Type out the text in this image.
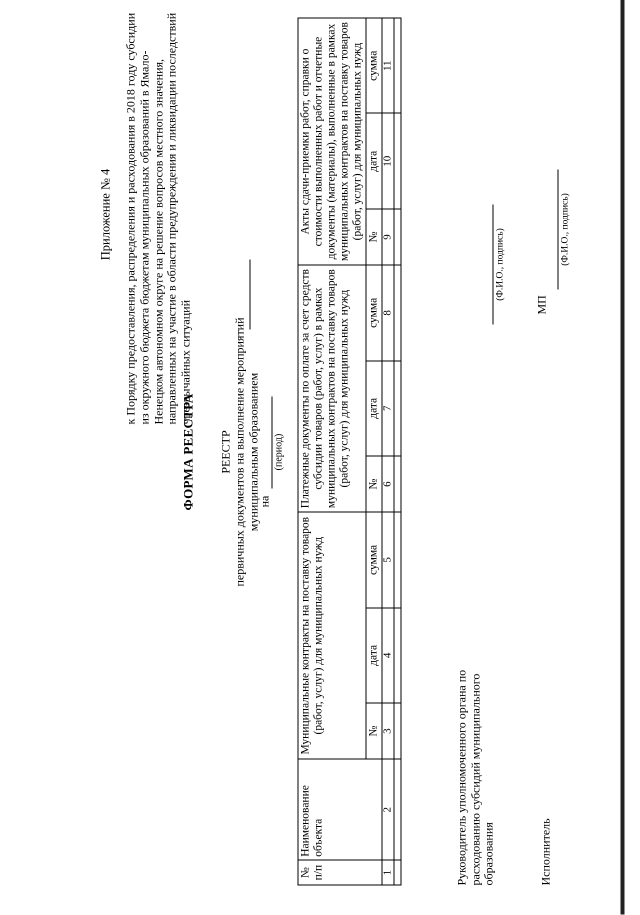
Приложение № 4 к Порядку предоставления, распределения и расходования в 2018 году субсидии из окружного бюджета бюджетам муниципальных образований в Ямало-Ненецком автономном округе на решение вопросов местного значения, направленных на участие в области предупреждения и ликвидации последствий чрезвычайных ситуаций
ФОРМА РЕЕСТРА РЕЕСТР первичных документов на выполнение мероприятий муниципальным образованием
на
(период)
№ п/п	Наименование объекта	Муниципальные контракты на поставку товаров (работ, услуг) для муниципальных нужд			Платежные документы по оплате за счет средств субсидии товаров (работ, услуг) в рамках муниципальных контрактов на поставку товаров (работ, услуг) для муниципальных нужд			Акты сдачи-приемки работ, справки о стоимости выполненных работ и отчетные документы (материалы), выполненные в рамках муниципальных контрактов на поставку товаров (работ, услуг) для муниципальных нужд		
		№	дата	сумма	№	дата	сумма	№	дата	сумма
1	2	3	4	5	6	7	8	9	10	11

Руководитель уполномоченного органа по расходованию субсидий муниципального образования
(Ф.И.О., подпись)
МП
Исполнитель
(Ф.И.О., подпись)
